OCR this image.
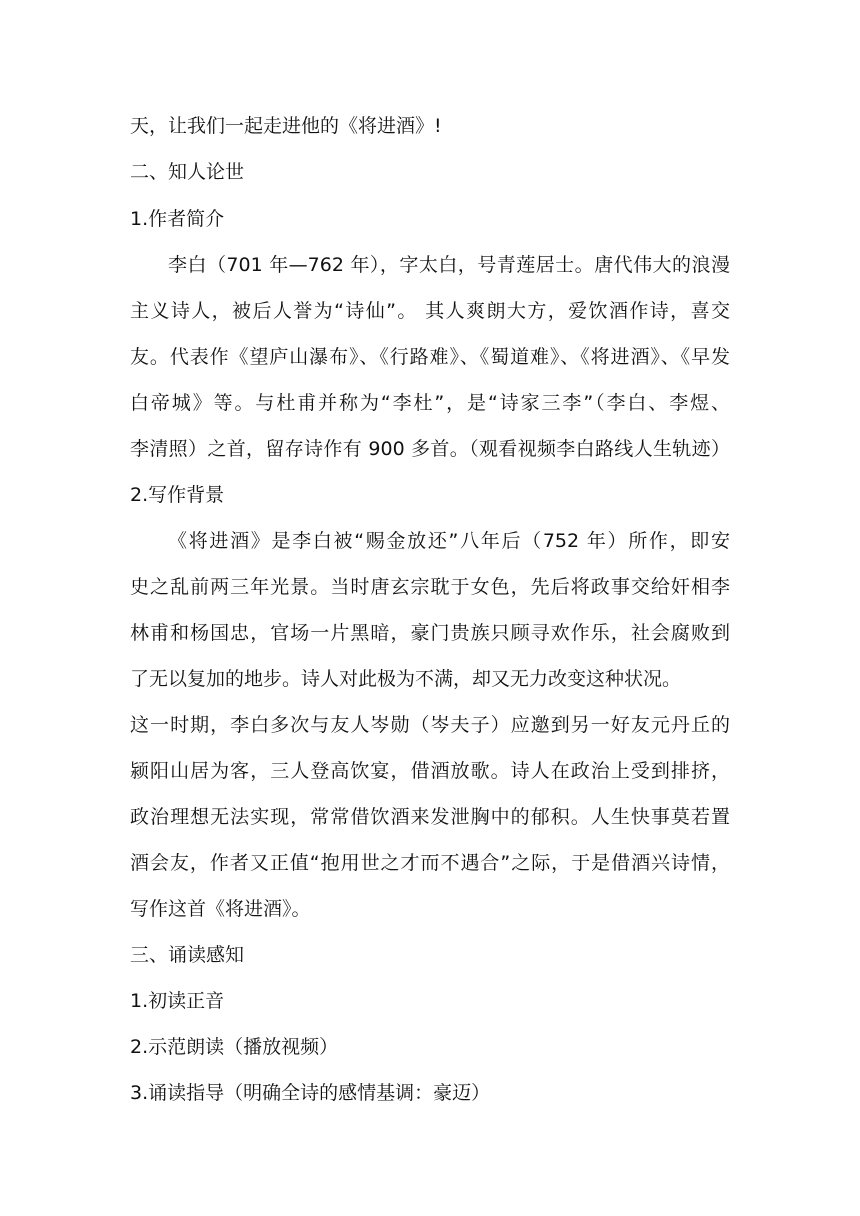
天，让我们一起走进他的《将进酒》!
二、知人论世
1.作者简介
李白（701 年—762 年），字太白，号青莲居士。唐代伟大的浪漫
主义诗人，被后人誉为“诗仙”。 其人爽朗大方，爱饮酒作诗，喜交
友。代表作《望庐山瀑布》、《行路难》、《蜀道难》、《将进酒》、《早发
白帝城》等。与杜甫并称为“李杜”，是“诗家三李”（李白、李煜、
李清照）之首，留存诗作有 900 多首。（观看视频李白路线人生轨迹）
2.写作背景
《将进酒》是李白被“赐金放还”八年后（752 年）所作，即安
史之乱前两三年光景。当时唐玄宗耽于女色，先后将政事交给奸相李
林甫和杨国忠，官场一片黑暗，豪门贵族只顾寻欢作乐，社会腐败到
了无以复加的地步。诗人对此极为不满，却又无力改变这种状况。
这一时期，李白多次与友人岑勋（岑夫子）应邀到另一好友元丹丘的
颍阳山居为客，三人登高饮宴，借酒放歌。诗人在政治上受到排挤，
政治理想无法实现，常常借饮酒来发泄胸中的郁积。人生快事莫若置
酒会友，作者又正值“抱用世之才而不遇合”之际，于是借酒兴诗情，
写作这首《将进酒》。
三、诵读感知
1.初读正音
2.示范朗读（播放视频）
3.诵读指导（明确全诗的感情基调：豪迈）
